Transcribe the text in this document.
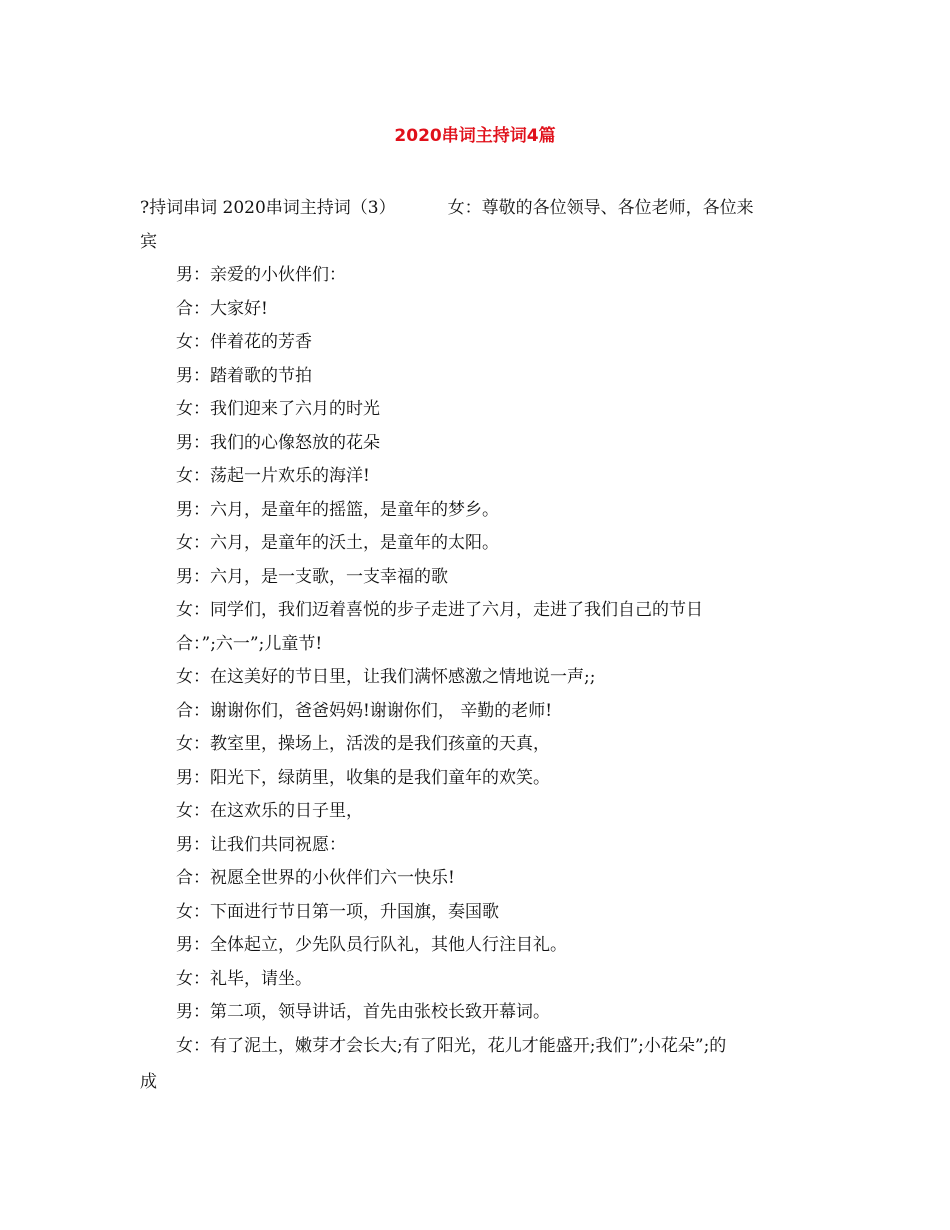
2020串词主持词4篇
?持词串词 2020串词主持词（3）	女：尊敬的各位领导、各位老师，各位来
宾
男：亲爱的小伙伴们：
合：大家好!
女：伴着花的芳香
男：踏着歌的节拍
女：我们迎来了六月的时光
男：我们的心像怒放的花朵
女：荡起一片欢乐的海洋!
男：六月，是童年的摇篮，是童年的梦乡。
女：六月，是童年的沃土，是童年的太阳。
男：六月，是一支歌，一支幸福的歌
女：同学们，我们迈着喜悦的步子走进了六月，走进了我们自己的节日
合：”;六一”;儿童节!
女：在这美好的节日里，让我们满怀感激之情地说一声;;
合：谢谢你们，爸爸妈妈!谢谢你们， 辛勤的老师!
女：教室里，操场上，活泼的是我们孩童的天真，
男：阳光下，绿荫里，收集的是我们童年的欢笑。
女：在这欢乐的日子里，
男：让我们共同祝愿：
合：祝愿全世界的小伙伴们六一快乐!
女：下面进行节日第一项，升国旗，奏国歌
男：全体起立，少先队员行队礼，其他人行注目礼。
女：礼毕，请坐。
男：第二项，领导讲话，首先由张校长致开幕词。
女：有了泥土，嫩芽才会长大;有了阳光，花儿才能盛开;我们”;小花朵”;的
成
